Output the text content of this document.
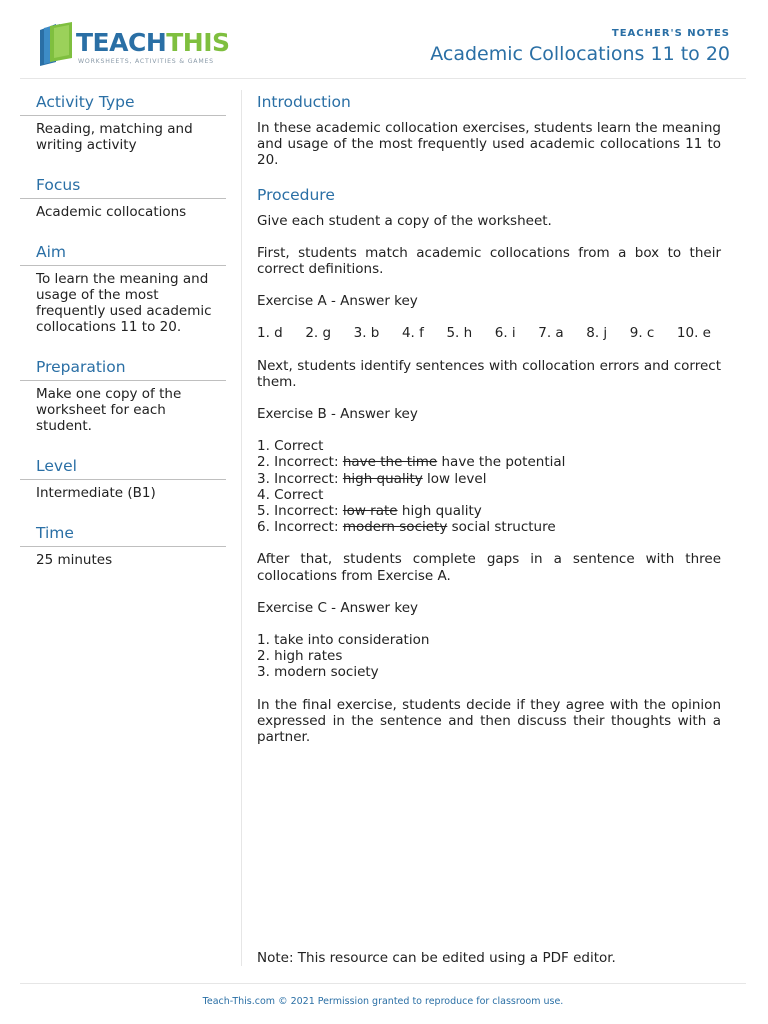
TEACHTHIS
WORKSHEETS, ACTIVITIES & GAMES
TEACHER'S NOTES
Academic Collocations 11 to 20
Activity Type
Reading, matching and writing activity
Focus
Academic collocations
Aim
To learn the meaning and usage of the most frequently used academic collocations 11 to 20.
Preparation
Make one copy of the worksheet for each student.
Level
Intermediate (B1)
Time
25 minutes
Introduction

In these academic collocation exercises, students learn the meaning and usage of the most frequently used academic collocations 11 to 20.

Procedure

Give each student a copy of the worksheet.

First, students match academic collocations from a box to their correct definitions.

Exercise A - Answer key

1. d 2. g 3. b 4. f 5. h 6. i 7. a 8. j 9. c 10. e

Next, students identify sentences with collocation errors and correct them.

Exercise B - Answer key

1. Correct
2. Incorrect: have the time have the potential
3. Incorrect: high quality low level
4. Correct
5. Incorrect: low rate high quality
6. Incorrect: modern society social structure

After that, students complete gaps in a sentence with three collocations from Exercise A.

Exercise C - Answer key

1. take into consideration
2. high rates
3. modern society

In the final exercise, students decide if they agree with the opinion expressed in the sentence and then discuss their thoughts with a partner.

Note: This resource can be edited using a PDF editor.
Teach-This.com © 2021 Permission granted to reproduce for classroom use.
